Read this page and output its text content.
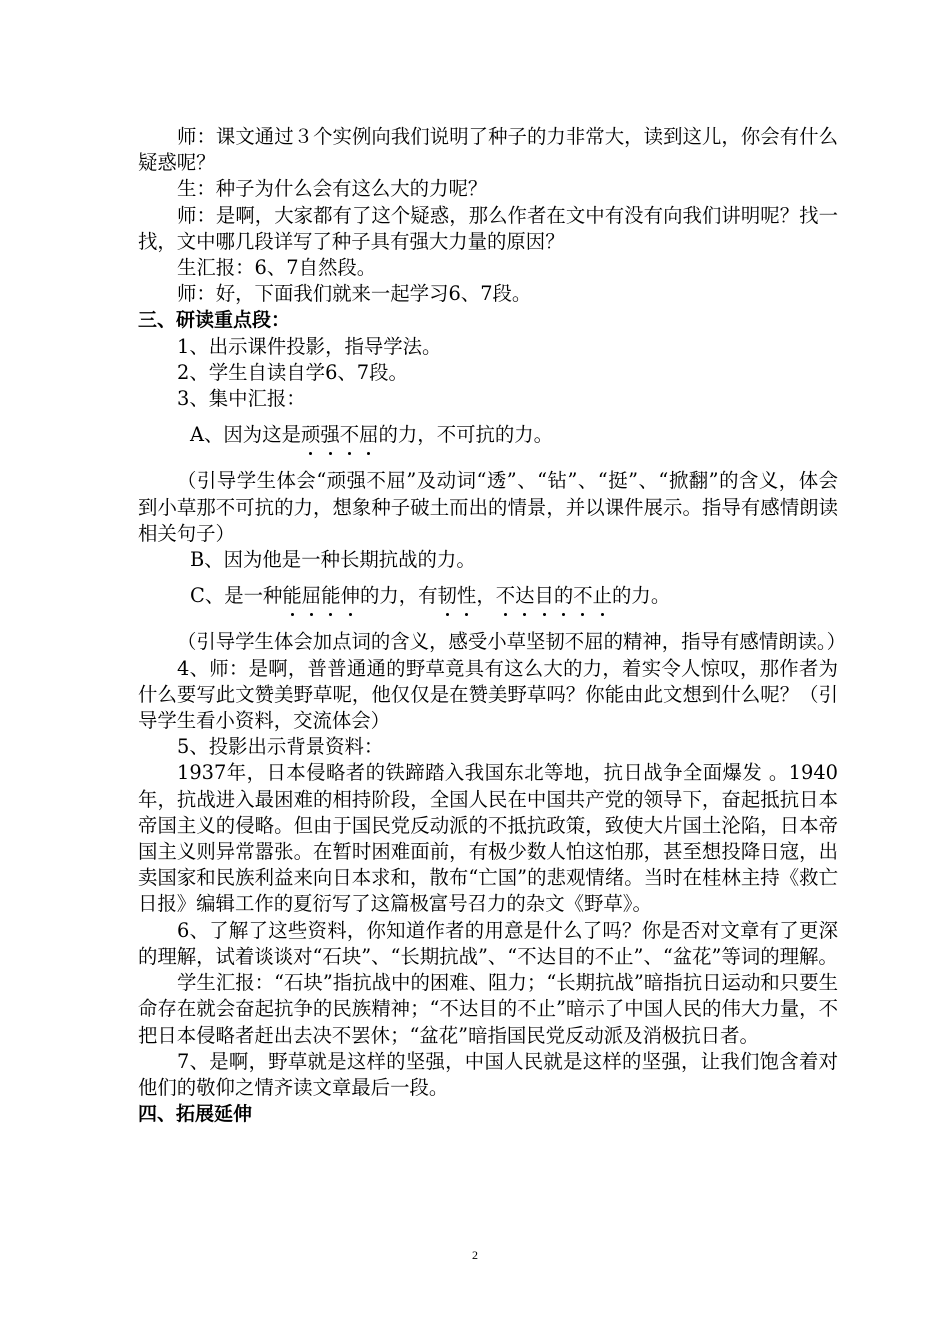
师：课文通过３个实例向我们说明了种子的力非常大，读到这儿，你会有什么疑惑呢？

生：种子为什么会有这么大的力呢？

师：是啊，大家都有了这个疑惑，那么作者在文中有没有向我们讲明呢？找一找，文中哪几段详写了种子具有强大力量的原因？

生汇报：6、7自然段。

师：好，下面我们就来一起学习6、7段。

三、研读重点段：

1、出示课件投影，指导学法。

2、学生自读自学6、7段。

3、集中汇报：

A、因为这是顽强不屈的力，不可抗的力。

（引导学生体会“顽强不屈”及动词“透”、“钻”、“挺”、“掀翻”的含义，体会到小草那不可抗的力，想象种子破土而出的情景，并以课件展示。指导有感情朗读相关句子）

B、因为他是一种长期抗战的力。

C、是一种能屈能伸的力，有韧性，不达目的不止的力。

（引导学生体会加点词的含义，感受小草坚韧不屈的精神，指导有感情朗读。）

4、师：是啊，普普通通的野草竟具有这么大的力，着实令人惊叹，那作者为什么要写此文赞美野草呢，他仅仅是在赞美野草吗？你能由此文想到什么呢？（引导学生看小资料，交流体会）

5、投影出示背景资料：

1937年，日本侵略者的铁蹄踏入我国东北等地，抗日战争全面爆发 。1940年，抗战进入最困难的相持阶段，全国人民在中国共产党的领导下，奋起抵抗日本帝国主义的侵略。但由于国民党反动派的不抵抗政策，致使大片国土沦陷，日本帝国主义则异常嚣张。在暂时困难面前，有极少数人怕这怕那，甚至想投降日寇，出卖国家和民族利益来向日本求和，散布“亡国”的悲观情绪。当时在桂林主持《救亡日报》编辑工作的夏衍写了这篇极富号召力的杂文《野草》。

6、了解了这些资料，你知道作者的用意是什么了吗？你是否对文章有了更深的理解，试着谈谈对“石块”、“长期抗战”、“不达目的不止”、“盆花”等词的理解。

学生汇报：“石块”指抗战中的困难、阻力；“长期抗战”暗指抗日运动和只要生命存在就会奋起抗争的民族精神；“不达目的不止”暗示了中国人民的伟大力量，不把日本侵略者赶出去决不罢休；“盆花”暗指国民党反动派及消极抗日者。

7、是啊，野草就是这样的坚强，中国人民就是这样的坚强，让我们饱含着对他们的敬仰之情齐读文章最后一段。

四、拓展延伸

2
